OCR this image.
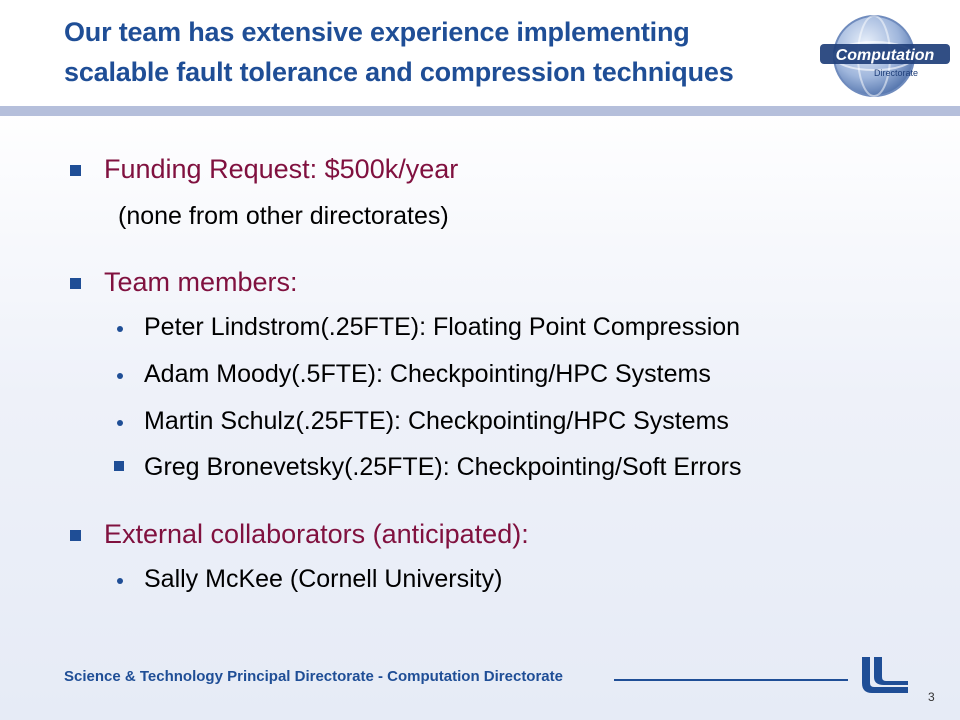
Our team has extensive experience implementing
scalable fault tolerance and compression techniques
Computation
Directorate
Funding Request: $500k/year
(none from other directorates)
Team members:
Peter Lindstrom(.25FTE): Floating Point Compression
Adam Moody(.5FTE): Checkpointing/HPC Systems
Martin Schulz(.25FTE): Checkpointing/HPC Systems
Greg Bronevetsky(.25FTE): Checkpointing/Soft Errors
External collaborators (anticipated):
Sally McKee (Cornell University)
Science & Technology Principal Directorate - Computation Directorate
3
